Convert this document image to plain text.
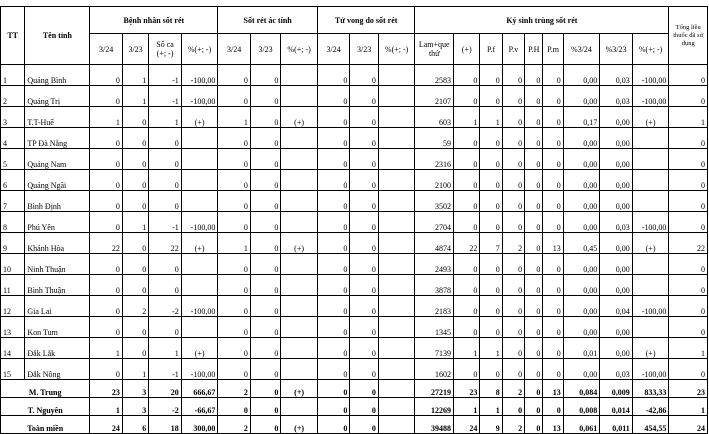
TT	Tên tỉnh	Bệnh nhân sốt rét				Sốt rét ác tính			Tử vong do sốt rét			Ký sinh trùng sốt rét									Tổng liều thuốc đã sử dụng
		3/24	3/23	Số ca (+; -)	%(+; -)	3/24	3/23	%(+; -)	3/24	3/23	%(+; -)	Lam+que thử	(+)	P.f	P.v	P.H	P.m	%3/24	%3/23	%(+; -)	
1	Quảng Bình	0	1	-1	-100,00	0	0		0	0		2583	0	0	0	0	0	0,00	0,03	-100,00	0
2	Quảng Trị	0	1	-1	-100,00	0	0		0	0		2107	0	0	0	0	0	0,00	0,03	-100,00	0
3	T.T-Huế	1	0	1	(+)	1	0	(+)	0	0		603	1	1	0	0	0	0,17	0,00	(+)	1
4	TP Đà Nẵng	0	0	0		0	0		0	0		59	0	0	0	0	0	0,00	0,00		0
5	Quảng Nam	0	0	0		0	0		0	0		2316	0	0	0	0	0	0,00	0,00		0
6	Quảng Ngãi	0	0	0		0	0		0	0		2100	0	0	0	0	0	0,00	0,00		0
7	Bình Định	0	0	0		0	0		0	0		3502	0	0	0	0	0	0,00	0,00		0
8	Phú Yên	0	1	-1	-100,00	0	0		0	0		2704	0	0	0	0	0	0,00	0,03	-100,00	0
9	Khánh Hòa	22	0	22	(+)	1	0	(+)	0	0		4874	22	7	2	0	13	0,45	0,00	(+)	22
10	Ninh Thuận	0	0	0		0	0		0	0		2493	0	0	0	0	0	0,00	0,00		0
11	Bình Thuận	0	0	0		0	0		0	0		3878	0	0	0	0	0	0,00	0,00		0
12	Gia Lai	0	2	-2	-100,00	0	0		0	0		2183	0	0	0	0	0	0,00	0,04	-100,00	0
13	Kon Tum	0	0	0		0	0		0	0		1345	0	0	0	0	0	0,00	0,00		0
14	Đắk Lắk	1	0	1	(+)	0	0		0	0		7139	1	1	0	0	0	0,01	0,00	(+)	1
15	Đắk Nông	0	1	-1	-100,00	0	0		0	0		1602	0	0	0	0	0	0,00	0,03	-100,00	0
M. Trung		23	3	20	666,67	2	0	(+)	0	0		27219	23	8	2	0	13	0,084	0,009	833,33	23
T. Nguyên		1	3	-2	-66,67	0	0		0	0		12269	1	1	0	0	0	0,008	0,014	-42,86	1
Toàn miền		24	6	18	300,00	2	0	(+)	0	0		39488	24	9	2	0	13	0,061	0,011	454,55	24
